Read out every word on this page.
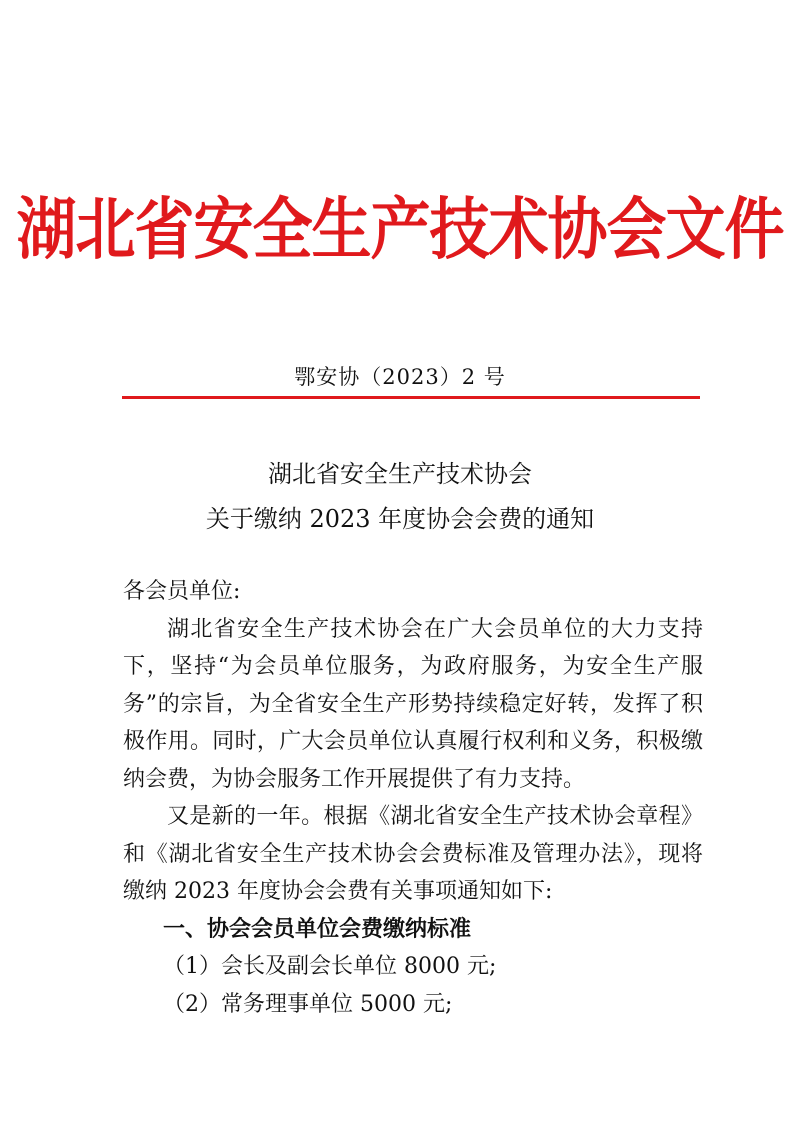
湖北省安全生产技术协会文件
鄂安协（2023）2 号
湖北省安全生产技术协会
关于缴纳 2023 年度协会会费的通知

各会员单位:

湖北省安全生产技术协会在广大会员单位的大力支持下，坚持“为会员单位服务，为政府服务，为安全生产服务”的宗旨，为全省安全生产形势持续稳定好转，发挥了积极作用。同时，广大会员单位认真履行权利和义务，积极缴纳会费，为协会服务工作开展提供了有力支持。

又是新的一年。根据《湖北省安全生产技术协会章程》和《湖北省安全生产技术协会会费标准及管理办法》，现将缴纳 2023 年度协会会费有关事项通知如下:

一、协会会员单位会费缴纳标准

（1）会长及副会长单位 8000 元;

（2）常务理事单位 5000 元;
